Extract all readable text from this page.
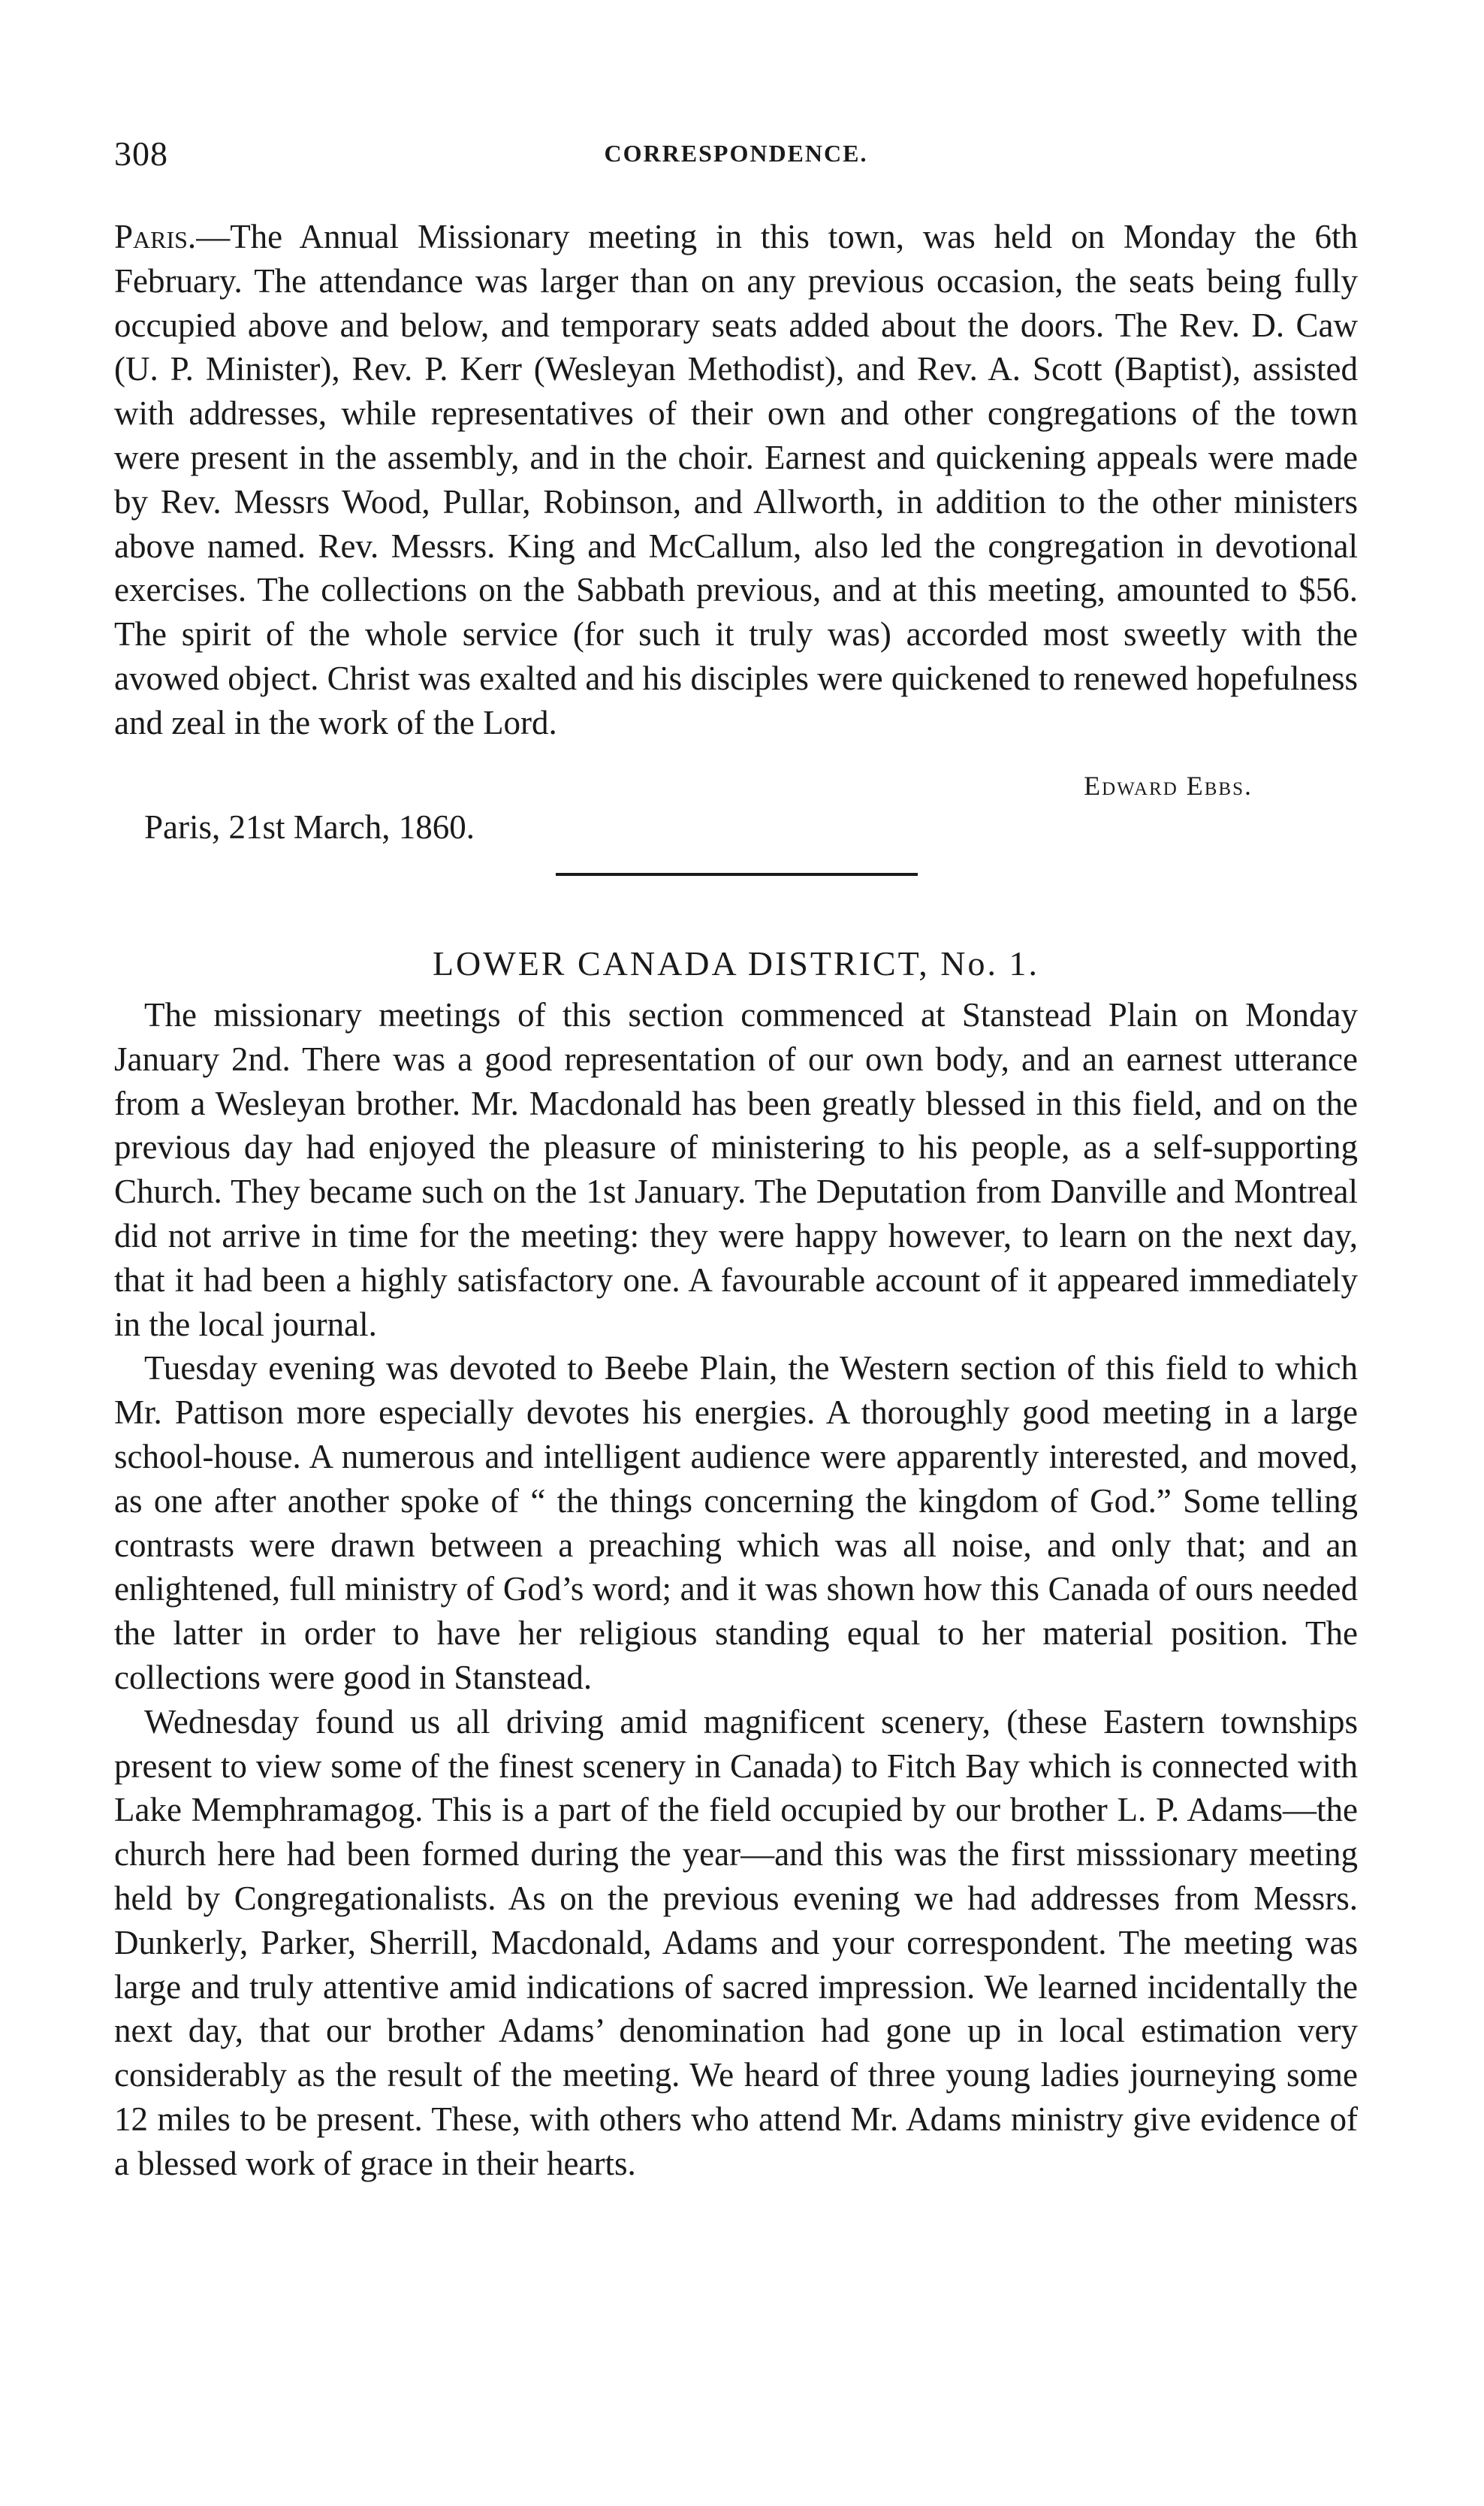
308	CORRESPONDENCE.

Paris.—The Annual Missionary meeting in this town, was held on Monday the 6th February. The attendance was larger than on any previous occasion, the seats being fully occupied above and below, and temporary seats added about the doors. The Rev. D. Caw (U. P. Minister), Rev. P. Kerr (Wesleyan Methodist), and Rev. A. Scott (Baptist), assisted with addresses, while representatives of their own and other congregations of the town were present in the assembly, and in the choir. Earnest and quickening appeals were made by Rev. Messrs Wood, Pullar, Robinson, and Allworth, in addition to the other ministers above named. Rev. Messrs. King and McCallum, also led the congregation in devotional exercises. The collections on the Sabbath previous, and at this meeting, amounted to $56. The spirit of the whole service (for such it truly was) accorded most sweetly with the avowed object. Christ was exalted and his disciples were quickened to renewed hopefulness and zeal in the work of the Lord.

Edward Ebbs.
Paris, 21st March, 1860.
LOWER CANADA DISTRICT, No. 1.

The missionary meetings of this section commenced at Stanstead Plain on Monday January 2nd. There was a good representation of our own body, and an earnest utterance from a Wesleyan brother. Mr. Macdonald has been greatly blessed in this field, and on the previous day had enjoyed the pleasure of ministering to his people, as a self-supporting Church. They became such on the 1st January. The Deputation from Danville and Montreal did not arrive in time for the meeting: they were happy however, to learn on the next day, that it had been a highly satisfactory one. A favourable account of it appeared immediately in the local journal.

Tuesday evening was devoted to Beebe Plain, the Western section of this field to which Mr. Pattison more especially devotes his energies. A thoroughly good meeting in a large school-house. A numerous and intelligent audience were apparently interested, and moved, as one after another spoke of “ the things concerning the kingdom of God.” Some telling contrasts were drawn between a preaching which was all noise, and only that; and an enlightened, full ministry of God’s word; and it was shown how this Canada of ours needed the latter in order to have her religious standing equal to her material position. The collections were good in Stanstead.

Wednesday found us all driving amid magnificent scenery, (these Eastern townships present to view some of the finest scenery in Canada) to Fitch Bay which is connected with Lake Memphramagog. This is a part of the field occupied by our brother L. P. Adams—the church here had been formed during the year—and this was the first misssionary meeting held by Congregationalists. As on the previous evening we had addresses from Messrs. Dunkerly, Parker, Sherrill, Macdonald, Adams and your correspondent. The meeting was large and truly attentive amid indications of sacred impression. We learned incidentally the next day, that our brother Adams’ denomination had gone up in local estimation very considerably as the result of the meeting. We heard of three young ladies journeying some 12 miles to be present. These, with others who attend Mr. Adams ministry give evidence of a blessed work of grace in their hearts.
